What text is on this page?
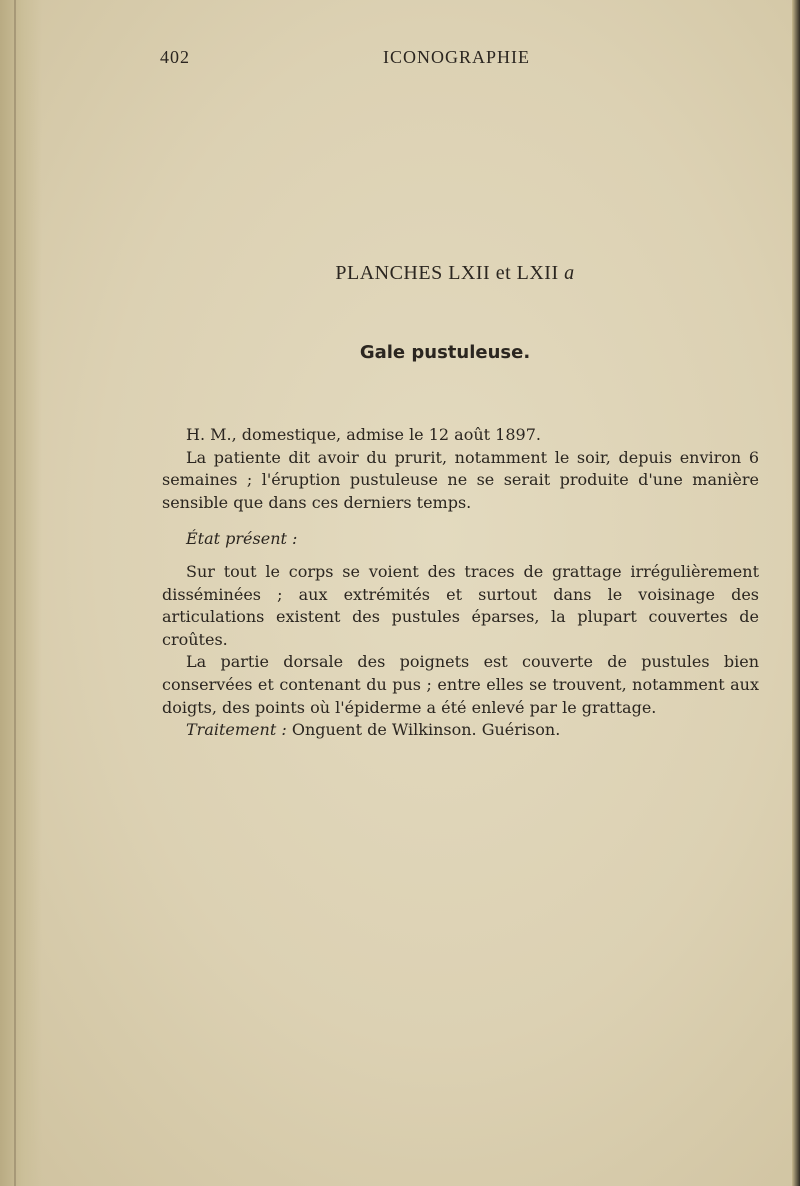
402	ICONOGRAPHIE
PLANCHES LXII et LXII a
Gale pustuleuse.

H. M., domestique, admise le 12 août 1897.

La patiente dit avoir du prurit, notamment le soir, depuis environ 6 semaines ; l'éruption pustuleuse ne se serait produite d'une manière sensible que dans ces derniers temps.

État présent :

Sur tout le corps se voient des traces de grattage irrégulièrement disséminées ; aux extrémités et surtout dans le voisinage des articulations existent des pustules éparses, la plupart couvertes de croûtes.

La partie dorsale des poignets est couverte de pustules bien conservées et contenant du pus ; entre elles se trouvent, notamment aux doigts, des points où l'épiderme a été enlevé par le grattage.

Traitement : Onguent de Wilkinson. Guérison.
